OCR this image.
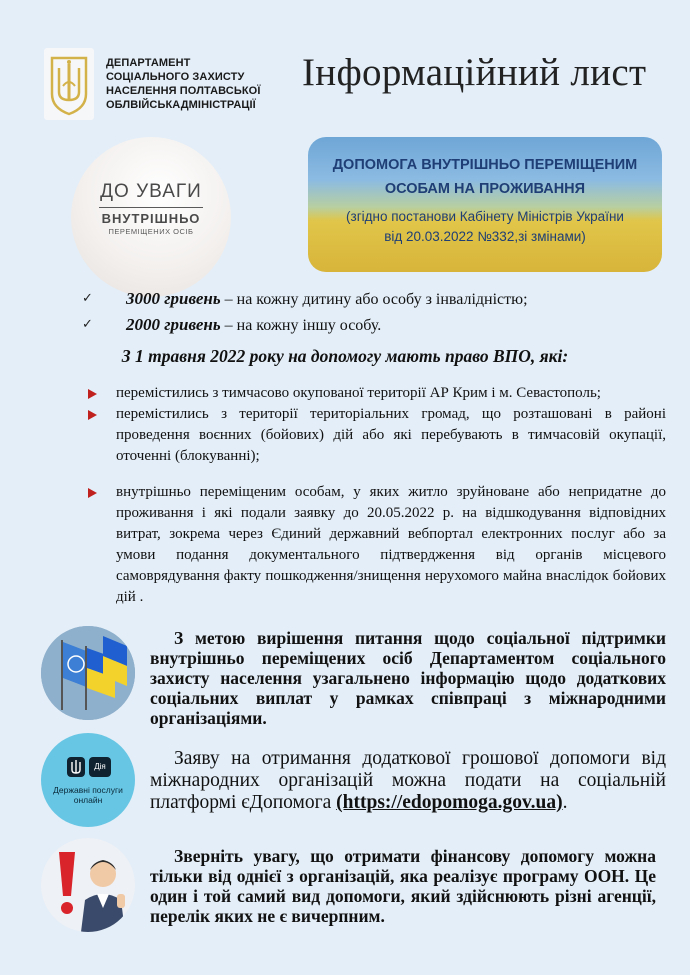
ДЕПАРТАМЕНТ
СОЦІАЛЬНОГО ЗАХИСТУ
НАСЕЛЕННЯ ПОЛТАВСЬКОЇ
ОБЛВІЙСЬКАДМІНІСТРАЦІЇ
Інформаційний лист
ДО УВАГИ
ВНУТРІШНЬО
ПЕРЕМІЩЕНИХ ОСІБ
ДОПОМОГА ВНУТРІШНЬО ПЕРЕМІЩЕНИМ
ОСОБАМ НА ПРОЖИВАННЯ
(згідно постанови Кабінету Міністрів України
від 20.03.2022 №332,зі змінами)
✓ 3000 гривень – на кожну дитину або особу з інвалідністю;
✓ 2000 гривень – на кожну іншу особу.
З 1 травня 2022 року на допомогу мають право ВПО, які:
перемістились з тимчасово окупованої території АР Крим і м. Севастополь;
перемістились з території територіальних громад, що розташовані в районі проведення воєнних (бойових) дій або які перебувають в тимчасовій окупації, оточенні (блокуванні);
внутрішньо переміщеним особам, у яких житло зруйноване або непридатне до проживання і які подали заявку до 20.05.2022 р. на відшкодування відповідних витрат, зокрема через Єдиний державний вебпортал електронних послуг або за умови подання документального підтвердження від органів місцевого самоврядування факту пошкодження/знищення нерухомого майна внаслідок бойових дій .
З метою вирішення питання щодо соціальної підтримки внутрішньо переміщених осіб Департаментом соціального захисту населення узагальнено інформацію щодо додаткових соціальних виплат у рамках співпраці з міжнародними організаціями.
Дія
Державні послуги
онлайн
Заяву на отримання додаткової грошової допомоги від міжнародних організацій можна подати на соціальній платформі єДопомога (https://edopomoga.gov.ua).
Зверніть увагу, що отримати фінансову допомогу можна тільки від однієї з організацій, яка реалізує програму ООН. Це один і той самий вид допомоги, який здійснюють різні агенції, перелік яких не є вичерпним.
